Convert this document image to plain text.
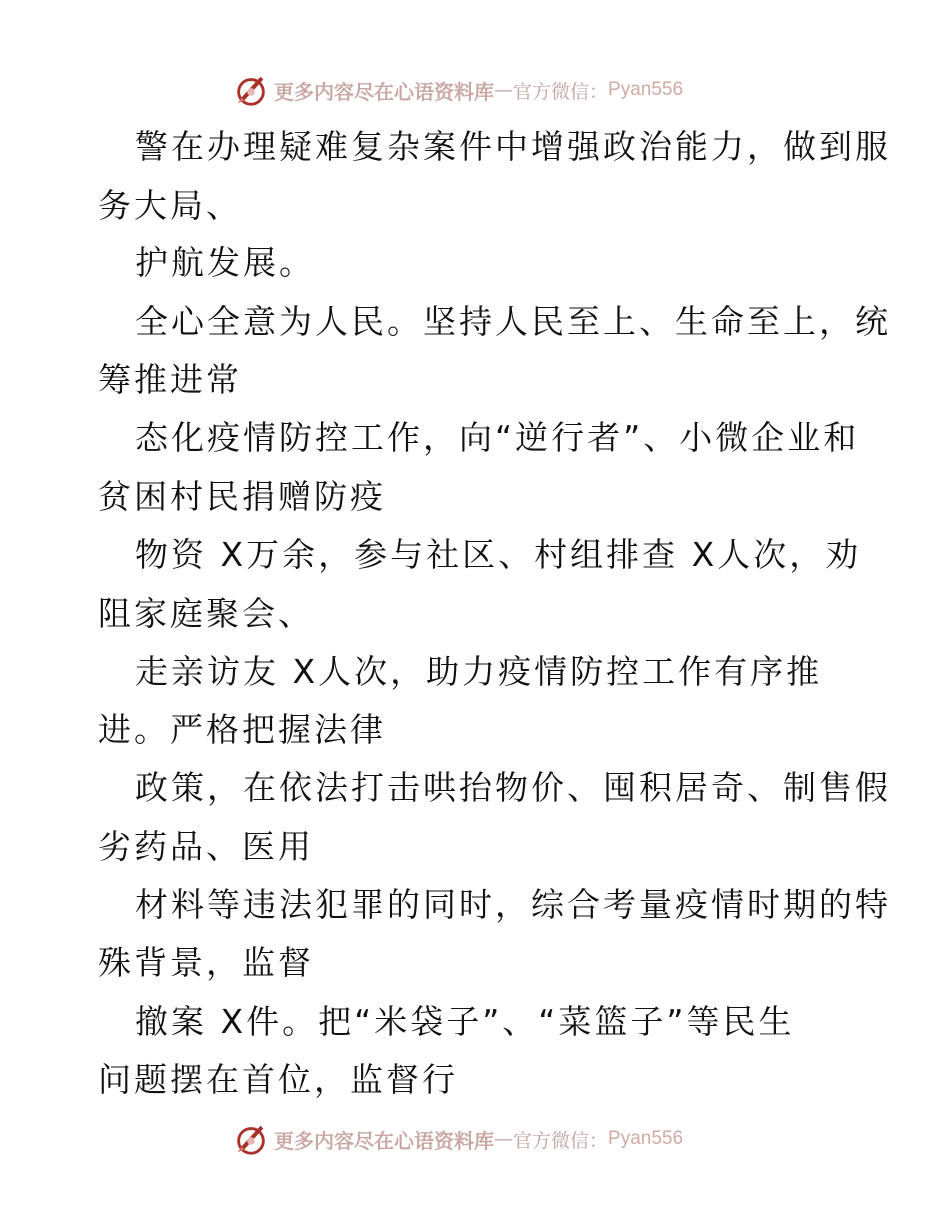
更多内容尽在心语资料库 — 官方微信： Pyan556
警在办理疑难复杂案件中增强政治能力，做到服
务大局、
护航发展。
全心全意为人民。坚持人民至上、生命至上，统
筹推进常
态化疫情防控工作，向“逆行者”、小微企业和
贫困村民捐赠防疫
物资 X万余，参与社区、村组排查 X人次，劝
阻家庭聚会、
走亲访友 X人次，助力疫情防控工作有序推
进。严格把握法律
政策，在依法打击哄抬物价、囤积居奇、制售假
劣药品、医用
材料等违法犯罪的同时，综合考量疫情时期的特
殊背景，监督
撤案 X件。把“米袋子”、“菜篮子”等民生
问题摆在首位，监督行
更多内容尽在心语资料库 — 官方微信： Pyan556
